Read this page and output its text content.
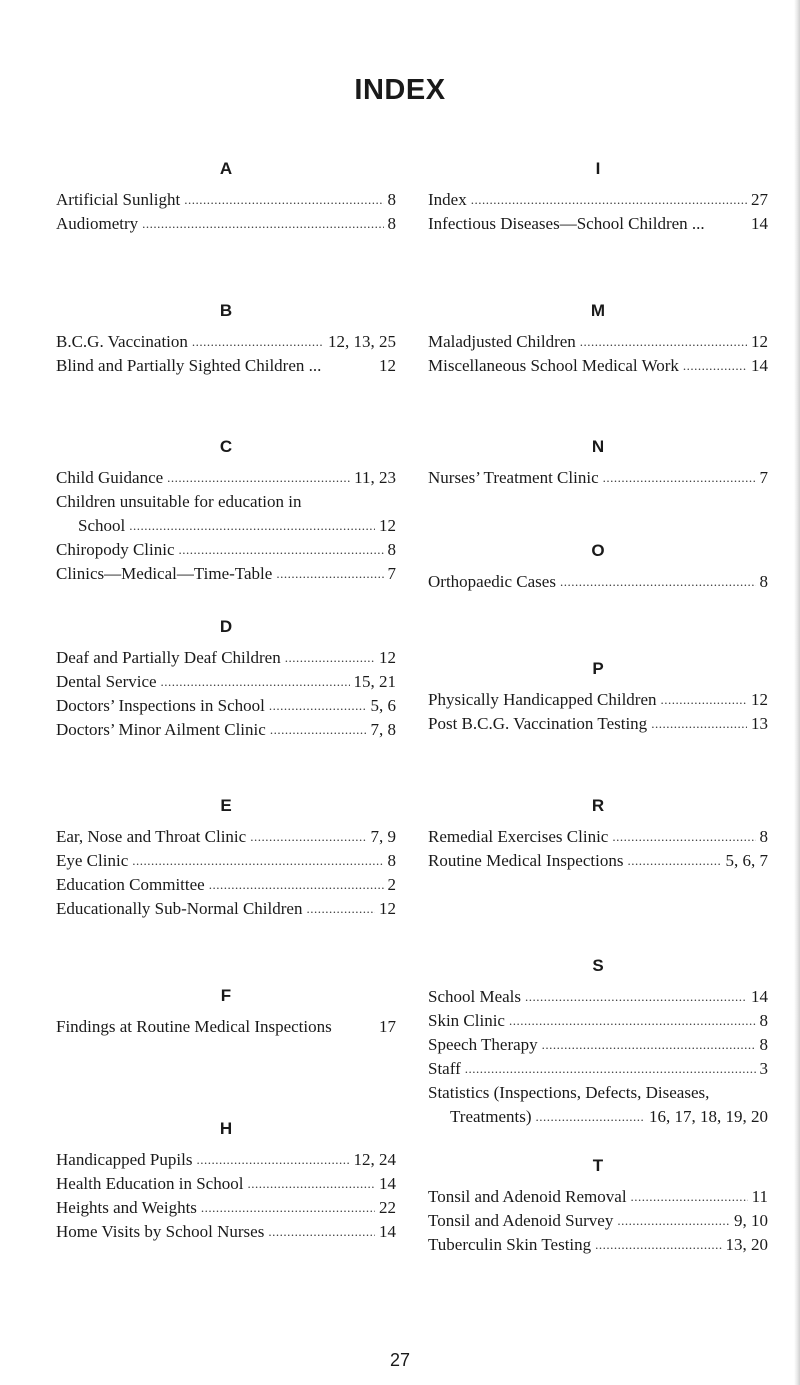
INDEX
A
Artificial Sunlight .....	8
Audiometry .....	8
B
B.C.G. Vaccination .....	12, 13, 25
Blind and Partially Sighted Children ...	12
C
Child Guidance .....	11, 23
Children unsuitable for education in
School .....	12
Chiropody Clinic .....	8
Clinics—Medical—Time-Table .....	7
D
Deaf and Partially Deaf Children .....	12
Dental Service .....	15, 21
Doctors’ Inspections in School .....	5, 6
Doctors’ Minor Ailment Clinic .....	7, 8
E
Ear, Nose and Throat Clinic .....	7, 9
Eye Clinic .....	8
Education Committee .....	2
Educationally Sub-Normal Children .....	12
F
Findings at Routine Medical Inspections	17
H
Handicapped Pupils .....	12, 24
Health Education in School .....	14
Heights and Weights .....	22
Home Visits by School Nurses .....	14
I
Index .....	27
Infectious Diseases—School Children ...	14
M
Maladjusted Children .....	12
Miscellaneous School Medical Work .....	14
N
Nurses’ Treatment Clinic .....	7
O
Orthopaedic Cases .....	8
P
Physically Handicapped Children .....	12
Post B.C.G. Vaccination Testing .....	13
R
Remedial Exercises Clinic .....	8
Routine Medical Inspections .....	5, 6, 7
S
School Meals .....	14
Skin Clinic .....	8
Speech Therapy .....	8
Staff .....	3
Statistics (Inspections, Defects, Diseases,
Treatments) .....	16, 17, 18, 19, 20
T
Tonsil and Adenoid Removal .....	11
Tonsil and Adenoid Survey .....	9, 10
Tuberculin Skin Testing .....	13, 20
27
